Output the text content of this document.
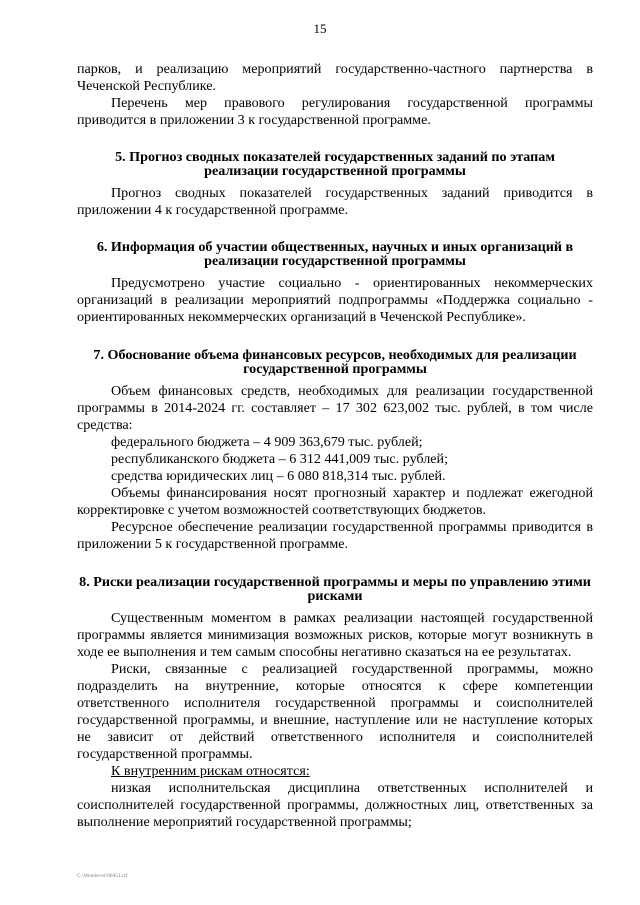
15

парков, и реализацию мероприятий государственно-частного партнерства в Чеченской Республике.

Перечень мер правового регулирования государственной программы приводится в приложении 3 к государственной программе.

5. Прогноз сводных показателей государственных заданий по этапам реализации государственной программы

Прогноз сводных показателей государственных заданий приводится в приложении 4 к государственной программе.

6. Информация об участии общественных, научных и иных организаций в реализации государственной программы

Предусмотрено участие социально - ориентированных некоммерческих организаций в реализации мероприятий подпрограммы «Поддержка социально - ориентированных некоммерческих организаций в Чеченской Республике».

7. Обоснование объема финансовых ресурсов, необходимых для реализации государственной программы

Объем финансовых средств, необходимых для реализации государственной программы в 2014-2024 гг. составляет – 17 302 623,002 тыс. рублей, в том числе средства:

федерального бюджета – 4 909 363,679 тыс. рублей;

республиканского бюджета – 6 312 441,009 тыс. рублей;

средства юридических лиц – 6 080 818,314 тыс. рублей.

Объемы финансирования носят прогнозный характер и подлежат ежегодной корректировке с учетом возможностей соответствующих бюджетов.

Ресурсное обеспечение реализации государственной программы приводится в приложении 5 к государственной программе.

8. Риски реализации государственной программы и меры по управлению этими рисками

Существенным моментом в рамках реализации настоящей государственной программы является минимизация возможных рисков, которые могут возникнуть в ходе ее выполнения и тем самым способны негативно сказаться на ее результатах.

Риски, связанные с реализацией государственной программы, можно подразделить на внутренние, которые относятся к сфере компетенции ответственного исполнителя государственной программы и соисполнителей государственной программы, и внешние, наступление или не наступление которых не зависит от действий ответственного исполнителя и соисполнителей государственной программы.

К внутренним рискам относятся:

низкая исполнительская дисциплина ответственных исполнителей и соисполнителей государственной программы, должностных лиц, ответственных за выполнение мероприятий государственной программы;

C:\Wendover\00451.rtf
